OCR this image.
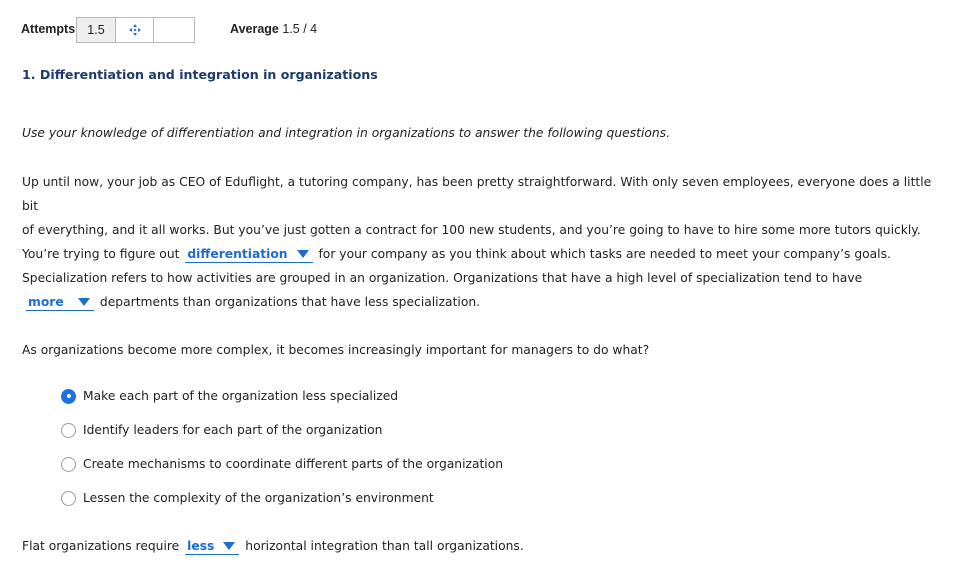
Attempts 1.5	Average 1.5 / 4
1. Differentiation and integration in organizations
Use your knowledge of differentiation and integration in organizations to answer the following questions.
Up until now, your job as CEO of Eduflight, a tutoring company, has been pretty straightforward. With only seven employees, everyone does a little bit
of everything, and it all works. But you’ve just gotten a contract for 100 new students, and you’re going to have to hire some more tutors quickly.
You’re trying to figure out differentiation	for your company as you think about which tasks are needed to meet your company’s goals.
Specialization refers to how activities are grouped in an organization. Organizations that have a high level of specialization tend to have
more	departments than organizations that have less specialization.
As organizations become more complex, it becomes increasingly important for managers to do what?
Make each part of the organization less specialized
Identify leaders for each part of the organization
Create mechanisms to coordinate different parts of the organization
Lessen the complexity of the organization’s environment
Flat organizations require less	horizontal integration than tall organizations.
